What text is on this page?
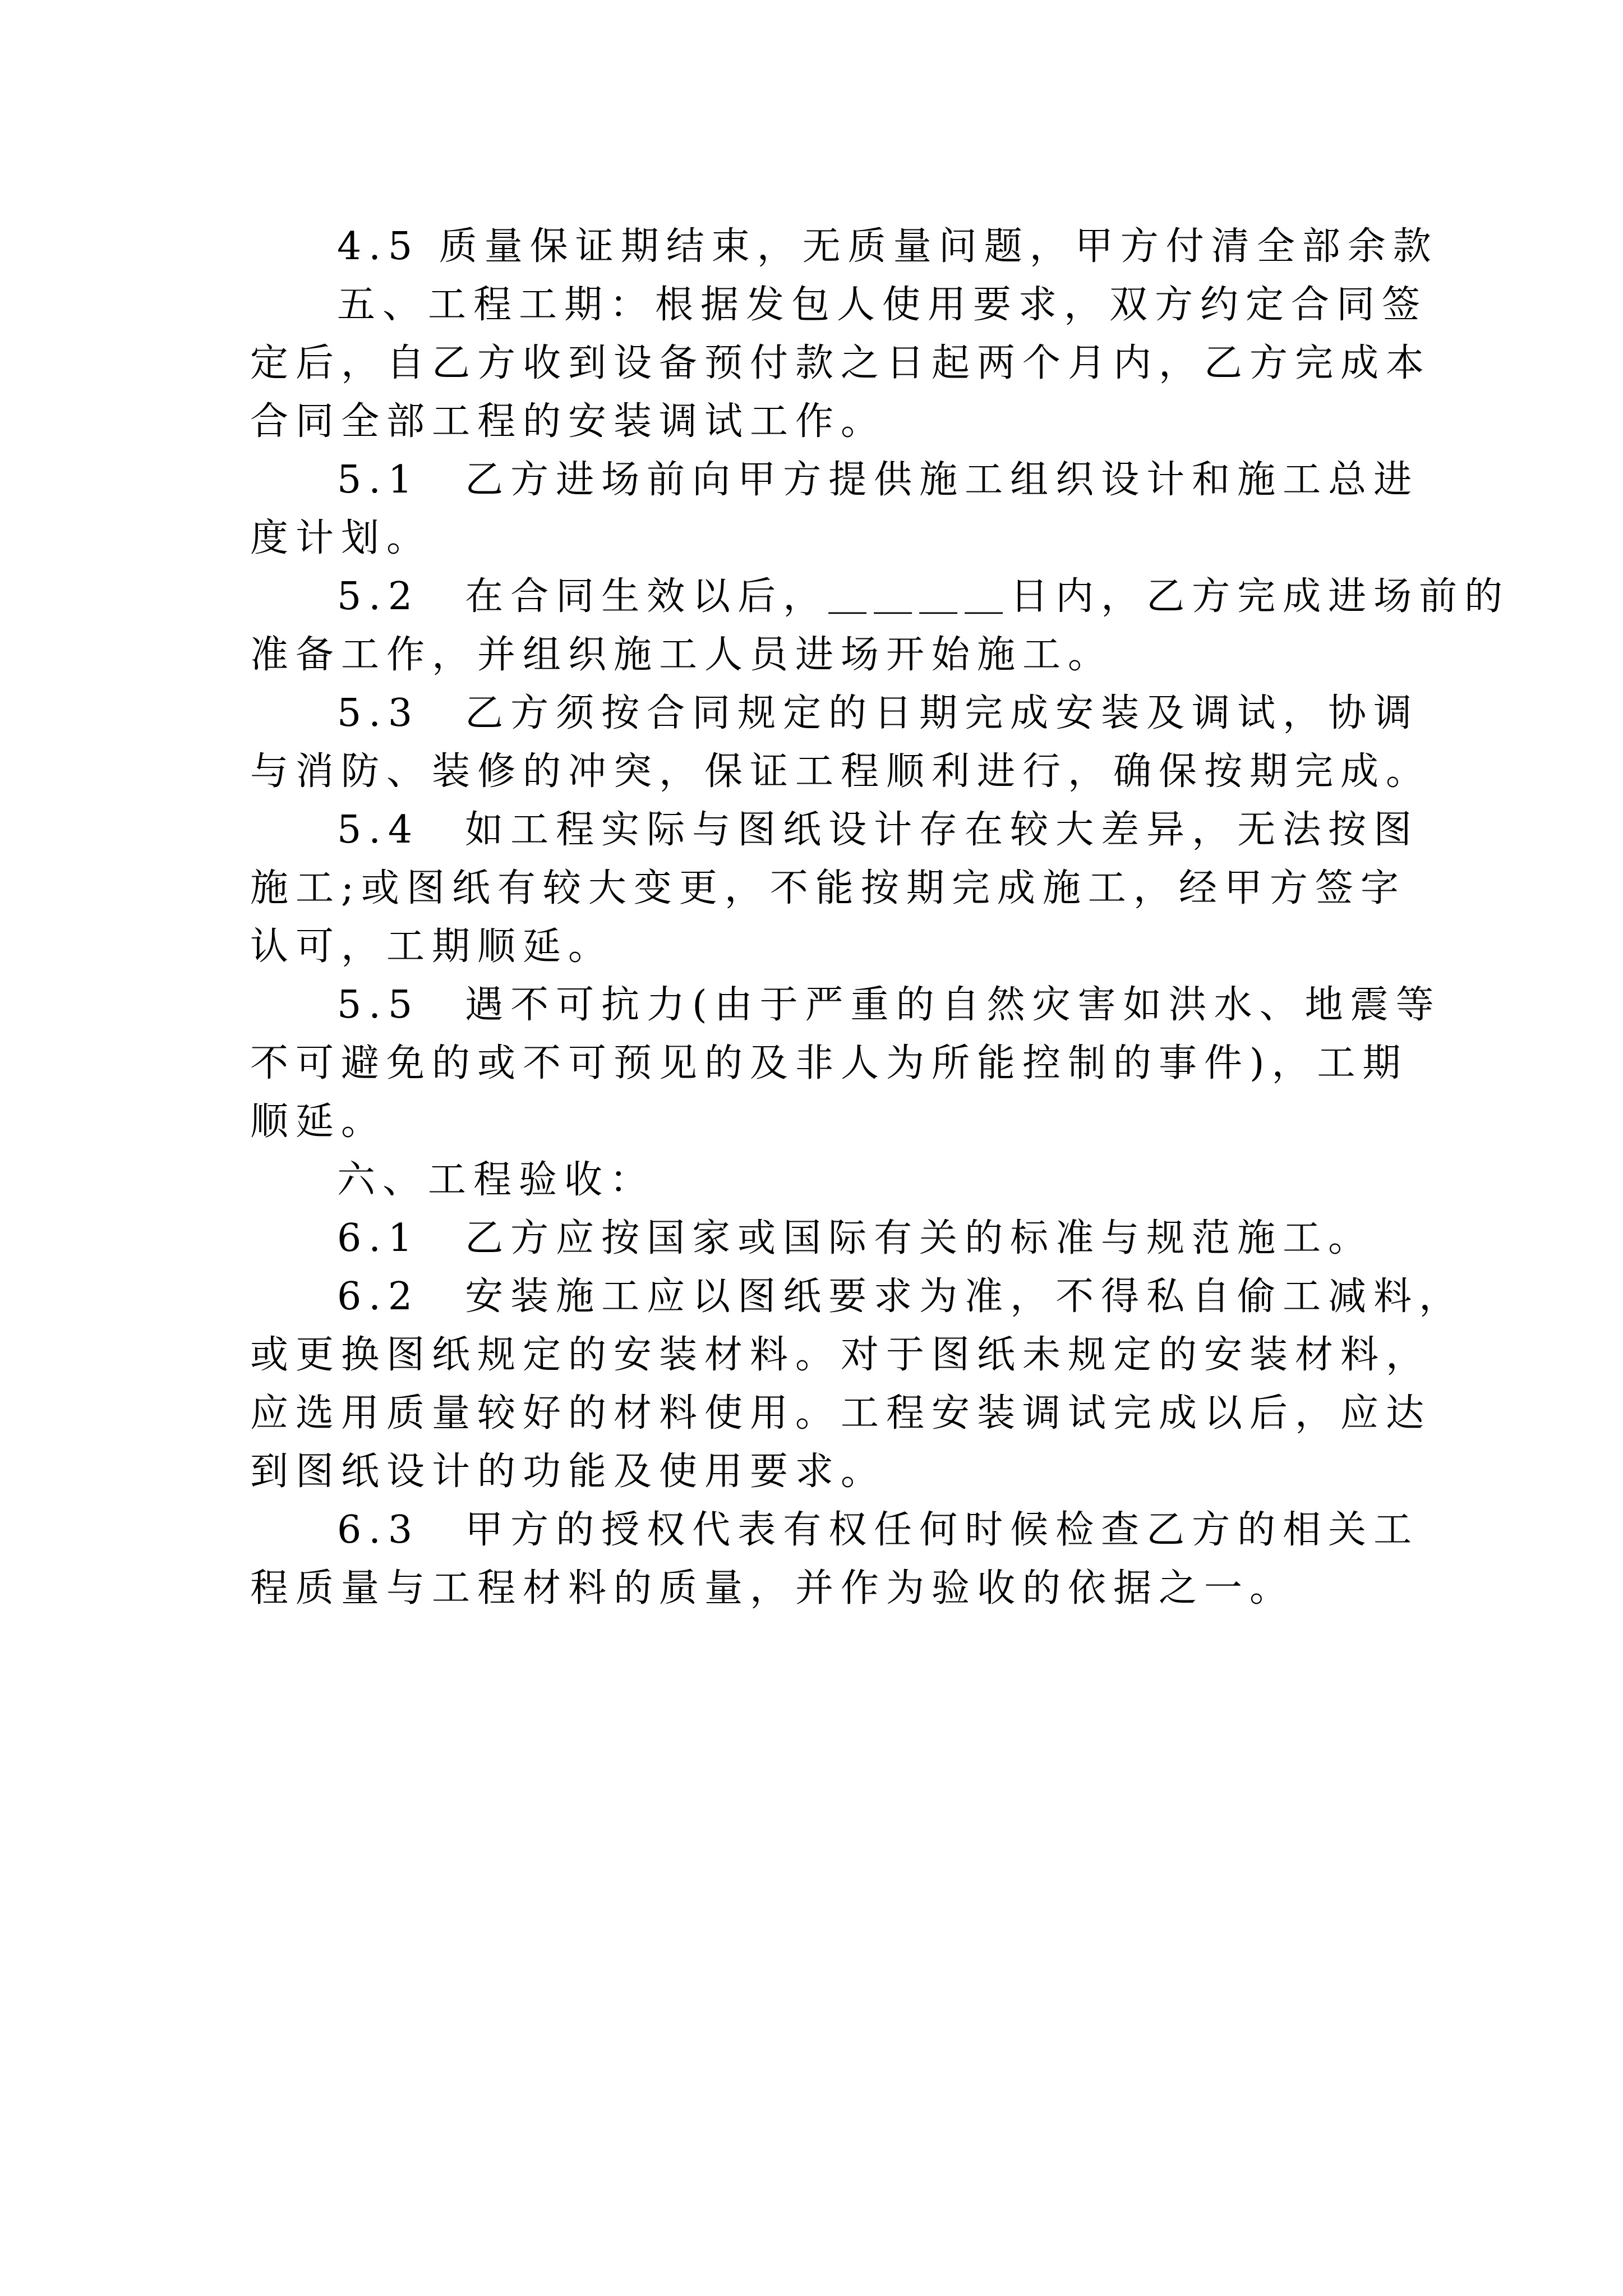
4.5 质量保证期结束，无质量问题，甲方付清全部余款
五、工程工期：根据发包人使用要求，双方约定合同签
定后，自乙方收到设备预付款之日起两个月内，乙方完成本
合同全部工程的安装调试工作。
5.1　乙方进场前向甲方提供施工组织设计和施工总进
度计划。
5.2　在合同生效以后，＿＿＿＿日内，乙方完成进场前的
准备工作，并组织施工人员进场开始施工。
5.3　乙方须按合同规定的日期完成安装及调试，协调
与消防、装修的冲突，保证工程顺利进行，确保按期完成。
5.4　如工程实际与图纸设计存在较大差异，无法按图
施工;或图纸有较大变更，不能按期完成施工，经甲方签字
认可，工期顺延。
5.5　遇不可抗力(由于严重的自然灾害如洪水、地震等
不可避免的或不可预见的及非人为所能控制的事件)，工期
顺延。
六、工程验收：
6.1　乙方应按国家或国际有关的标准与规范施工。
6.2　安装施工应以图纸要求为准，不得私自偷工减料，
或更换图纸规定的安装材料。对于图纸未规定的安装材料，
应选用质量较好的材料使用。工程安装调试完成以后，应达
到图纸设计的功能及使用要求。
6.3　甲方的授权代表有权任何时候检查乙方的相关工
程质量与工程材料的质量，并作为验收的依据之一。
